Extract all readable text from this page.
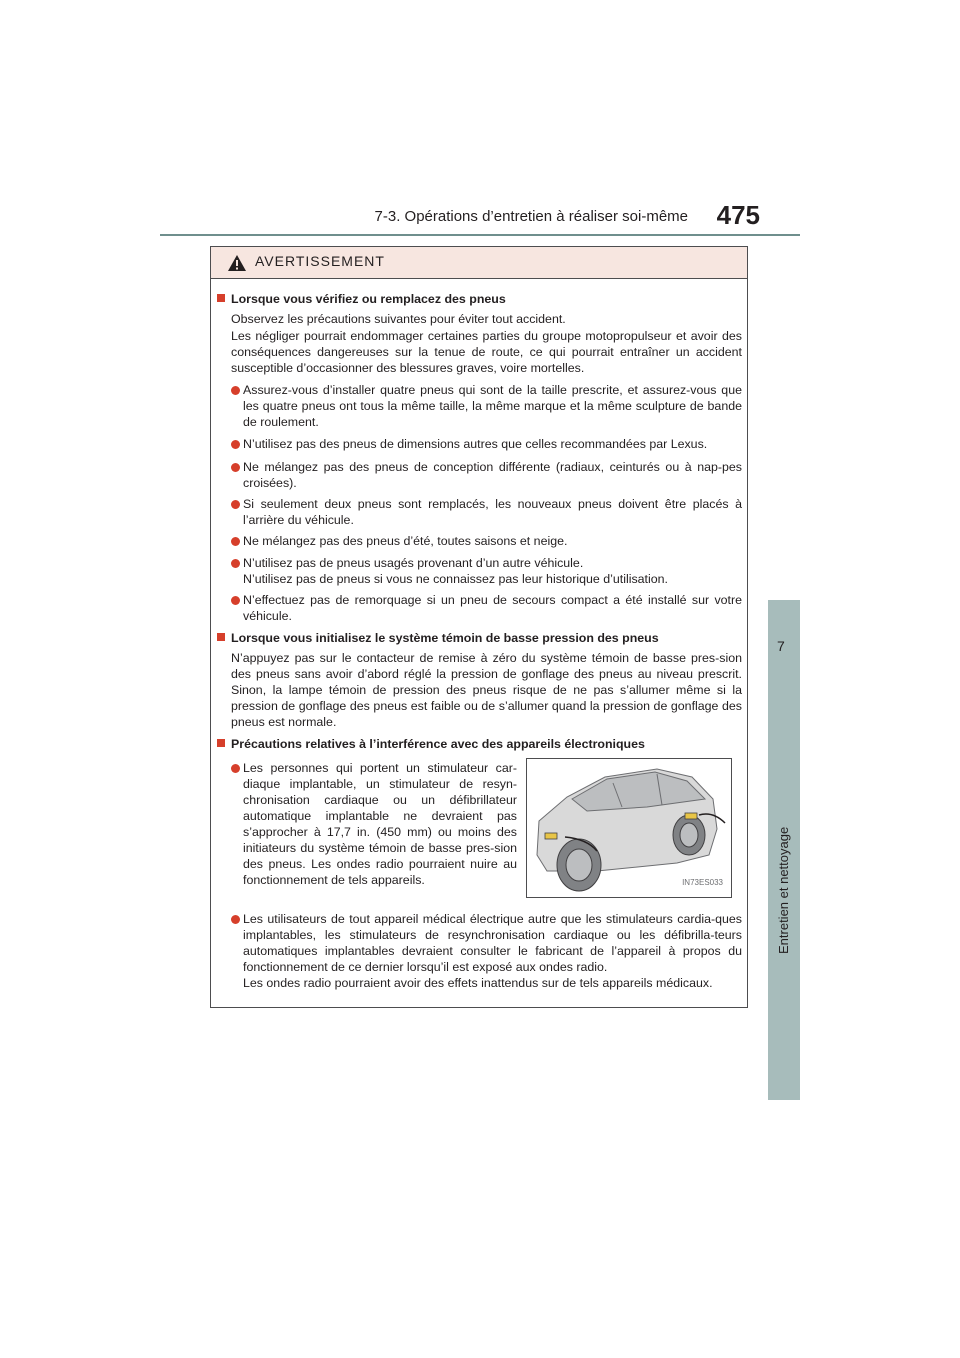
7-3. Opérations d’entretien à réaliser soi-même 475
7
Entretien et nettoyage
AVERTISSEMENT
Lorsque vous vérifiez ou remplacez des pneus
Observez les précautions suivantes pour éviter tout accident.
Les négliger pourrait endommager certaines parties du groupe motopropulseur et avoir des conséquences dangereuses sur la tenue de route, ce qui pourrait entraîner un accident susceptible d’occasionner des blessures graves, voire mortelles.
Assurez-vous d’installer quatre pneus qui sont de la taille prescrite, et assurez-vous que les quatre pneus ont tous la même taille, la même marque et la même sculpture de bande de roulement.
N’utilisez pas des pneus de dimensions autres que celles recommandées par Lexus.
Ne mélangez pas des pneus de conception différente (radiaux, ceinturés ou à nap-pes croisées).
Si seulement deux pneus sont remplacés, les nouveaux pneus doivent être placés à l’arrière du véhicule.
Ne mélangez pas des pneus d’été, toutes saisons et neige.
N’utilisez pas de pneus usagés provenant d’un autre véhicule.
N’utilisez pas de pneus si vous ne connaissez pas leur historique d’utilisation.
N’effectuez pas de remorquage si un pneu de secours compact a été installé sur votre véhicule.
Lorsque vous initialisez le système témoin de basse pression des pneus
N’appuyez pas sur le contacteur de remise à zéro du système témoin de basse pres-sion des pneus sans avoir d’abord réglé la pression de gonflage des pneus au niveau prescrit. Sinon, la lampe témoin de pression des pneus risque de ne pas s’allumer même si la pression de gonflage des pneus est faible ou de s’allumer quand la pression de gonflage des pneus est normale.
Précautions relatives à l’interférence avec des appareils électroniques
Les personnes qui portent un stimulateur car-diaque implantable, un stimulateur de resyn-chronisation cardiaque ou un défibrillateur automatique implantable ne devraient pas s’approcher à 17,7 in. (450 mm) ou moins des initiateurs du système témoin de basse pres-sion des pneus. Les ondes radio pourraient nuire au fonctionnement de tels appareils.	IN73ES033
Les utilisateurs de tout appareil médical électrique autre que les stimulateurs cardia-ques implantables, les stimulateurs de resynchronisation cardiaque ou les défibrilla-teurs automatiques implantables devraient consulter le fabricant de l’appareil à propos du fonctionnement de ce dernier lorsqu’il est exposé aux ondes radio.
Les ondes radio pourraient avoir des effets inattendus sur de tels appareils médicaux.
